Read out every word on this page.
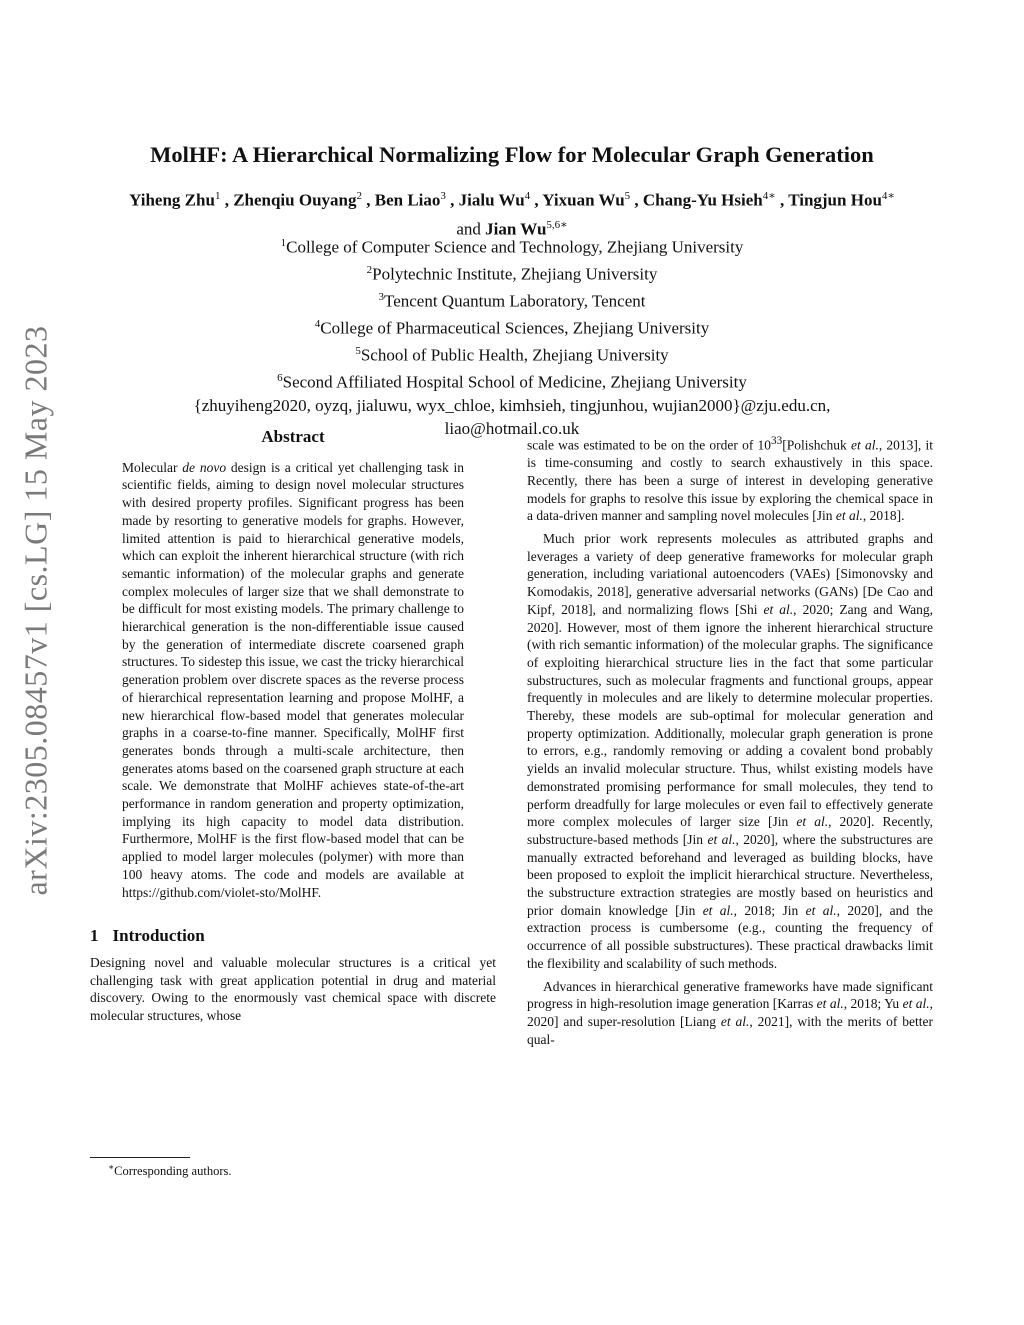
arXiv:2305.08457v1 [cs.LG] 15 May 2023
MolHF: A Hierarchical Normalizing Flow for Molecular Graph Generation
Yiheng Zhu$^1$ , Zhenqiu Ouyang$^2$ , Ben Liao$^3$ , Jialu Wu$^4$ , Yixuan Wu$^5$ , Chang-Yu Hsieh$^{4∗}$ , Tingjun Hou$^{4∗}$ and Jian $Wu^{5,6∗}$
$^1$College of Computer Science and Technology, Zhejiang University
$^2$Polytechnic Institute, Zhejiang University
$^3$Tencent Quantum Laboratory, Tencent
$^4$College of Pharmaceutical Sciences, Zhejiang University
$^5$School of Public Health, Zhejiang University
$^6$Second Affiliated Hospital School of Medicine, Zhejiang University
{zhuyiheng2020, oyzq, jialuwu, wyx_chloe, kimhsieh, tingjunhou, wujian2000}@zju.edu.cn,
liao@hotmail.co.uk
Abstract

Molecular de novo design is a critical yet challenging task in scientific fields, aiming to design novel molecular structures with desired property profiles. Significant progress has been made by resorting to generative models for graphs. However, limited attention is paid to hierarchical generative models, which can exploit the inherent hierarchical structure (with rich semantic information) of the molecular graphs and generate complex molecules of larger size that we shall demonstrate to be difficult for most existing models. The primary challenge to hierarchical generation is the non-differentiable issue caused by the generation of intermediate discrete coarsened graph structures. To sidestep this issue, we cast the tricky hierarchical generation problem over discrete spaces as the reverse process of hierarchical representation learning and propose MolHF, a new hierarchical flow-based model that generates molecular graphs in a coarse-to-fine manner. Specifically, MolHF first generates bonds through a multi-scale architecture, then generates atoms based on the coarsened graph structure at each scale. We demonstrate that MolHF achieves state-of-the-art performance in random generation and property optimization, implying its high capacity to model data distribution. Furthermore, MolHF is the first flow-based model that can be applied to model larger molecules (polymer) with more than 100 heavy atoms. The code and models are available at https://github.com/violet-sto/MolHF.

1 Introduction

Designing novel and valuable molecular structures is a critical yet challenging task with great application potential in drug and material discovery. Owing to the enormously vast chemical space with discrete molecular structures, whose

scale was estimated to be on the order of $10^{33}[Polishchuk$ et al., 2013], it is time-consuming and costly to search exhaustively in this space. Recently, there has been a surge of interest in developing generative models for graphs to resolve this issue by exploring the chemical space in a data-driven manner and sampling novel molecules [Jin et al., 2018].

Much prior work represents molecules as attributed graphs and leverages a variety of deep generative frameworks for molecular graph generation, including variational autoencoders (VAEs) [Simonovsky and Komodakis, 2018], generative adversarial networks (GANs) [De Cao and Kipf, 2018], and normalizing flows [Shi et al., 2020; Zang and Wang, 2020]. However, most of them ignore the inherent hierarchical structure (with rich semantic information) of the molecular graphs. The significance of exploiting hierarchical structure lies in the fact that some particular substructures, such as molecular fragments and functional groups, appear frequently in molecules and are likely to determine molecular properties. Thereby, these models are sub-optimal for molecular generation and property optimization. Additionally, molecular graph generation is prone to errors, e.g., randomly removing or adding a covalent bond probably yields an invalid molecular structure. Thus, whilst existing models have demonstrated promising performance for small molecules, they tend to perform dreadfully for large molecules or even fail to effectively generate more complex molecules of larger size [Jin et al., 2020]. Recently, substructure-based methods [Jin et al., 2020], where the substructures are manually extracted beforehand and leveraged as building blocks, have been proposed to exploit the implicit hierarchical structure. Nevertheless, the substructure extraction strategies are mostly based on heuristics and prior domain knowledge [Jin et al., 2018; Jin et al., 2020], and the extraction process is cumbersome (e.g., counting the frequency of occurrence of all possible substructures). These practical drawbacks limit the flexibility and scalability of such methods.

Advances in hierarchical generative frameworks have made significant progress in high-resolution image generation [Karras et al., 2018; Yu et al., 2020] and super-resolution [Liang et al., 2021], with the merits of better qual-

∗Corresponding authors.
